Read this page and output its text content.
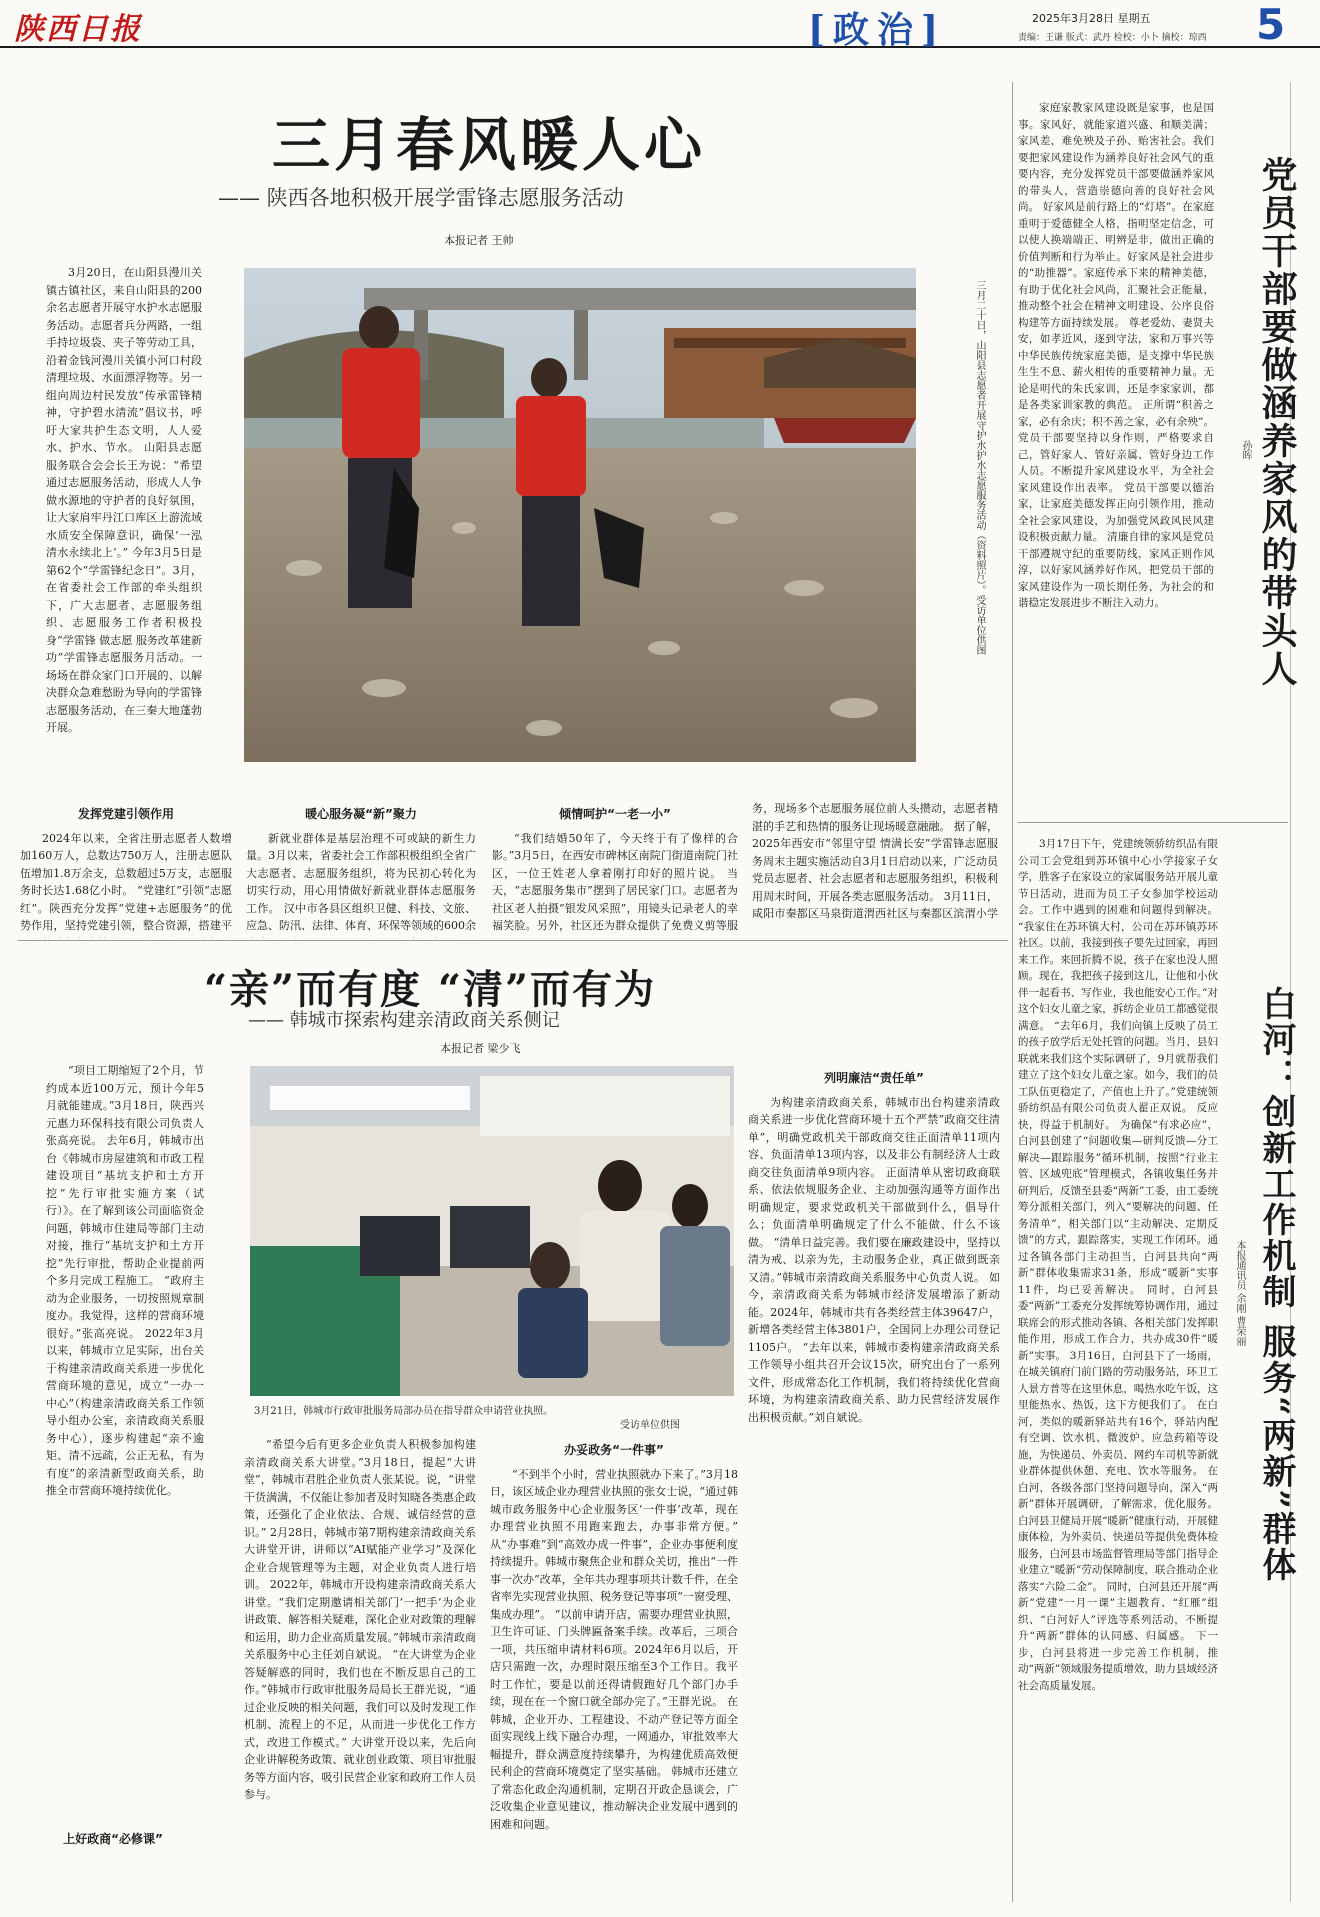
陕西日报	[政治]	2025年3月28日 星期五
责编：王谦 版式：武丹 检校：小卜 摘校：琼西 5
三月春风暖人心
—— 陕西各地积极开展学雷锋志愿服务活动
本报记者 王帅

3月20日，在山阳县漫川关镇古镇社区，来自山阳县的200余名志愿者开展守水护水志愿服务活动。志愿者兵分两路，一组手持垃圾袋、夹子等劳动工具，沿着金钱河漫川关镇小河口村段清理垃圾、水面漂浮物等。另一组向周边村民发放“传承雷锋精神，守护碧水清流”倡议书，呼吁大家共护生态文明，人人爱水、护水、节水。 山阳县志愿服务联合会会长王为说：“希望通过志愿服务活动，形成人人争做水源地的守护者的良好氛围，让大家肩牢丹江口库区上游流域水质安全保障意识，确保‘一泓清水永续北上’。” 今年3月5日是第62个“学雷锋纪念日”。3月，在省委社会工作部的牵头组织下，广大志愿者、志愿服务组织、志愿服务工作者积极投身“学雷锋 做志愿 服务改革建新功”学雷锋志愿服务月活动。一场场在群众家门口开展的、以解决群众急难愁盼为导向的学雷锋志愿服务活动，在三秦大地蓬勃开展。

三月二十日，山阳县志愿者开展守护水护水志愿服务活动（资料照片）。受访单位供图

发挥党建引领作用

2024年以来，全省注册志愿者人数增加160万人，总数达750万人，注册志愿队伍增加1.8万余支，总数超过5万支，志愿服务时长达1.68亿小时。 “党建红”引领“志愿红”。陕西充分发挥“党建+志愿服务”的优势作用，坚持党建引领，整合资源，搭建平

暖心服务凝“新”聚力

新就业群体是基层治理不可或缺的新生力量。3月以来，省委社会工作部积极组织全省广大志愿者、志愿服务组织，将为民初心转化为切实行动，用心用情做好新就业群体志愿服务工作。 汉中市各县区组织卫健、科技、文旅、应急、防汛、法律、体育、环保等领域的600余

倾情呵护“一老一小”

“我们结婚50年了，今天终于有了像样的合影。”3月5日，在西安市碑林区南院门街道南院门社区，一位王姓老人拿着刚打印好的照片说。 当天，“志愿服务集市”摆到了居民家门口。志愿者为社区老人拍摄“银发风采照”，用镜头记录老人的幸福笑脸。另外，社区还为群众提供了免费义剪等服务，现场多个志愿服务展位前人头攒动，志愿者精湛的手艺和热情的服务让现场暖意融融。 据了解，2025年西安市“邻里守望 情满长安”学雷锋志愿服务周末主题实施活动自3月1日启动以来，广泛动员党员志愿者、社会志愿者和志愿服务组织，积极利用周末时间，开展各类志愿服务活动。 3月11日，咸阳市秦都区马泉街道渭西社区与秦都区滨渭小学

家庭家教家风建设既是家事，也是国事。家风好，就能家道兴盛、和顺美满；家风差，难免殃及子孙、贻害社会。我们要把家风建设作为涵养良好社会风气的重要内容，充分发挥党员干部要做涵养家风的带头人，营造崇德向善的良好社会风尚。 好家风是前行路上的“灯塔”。在家庭重明于爱德健全人格，指明坚定信念，可以使人换端端正、明辨是非，做出正确的价值判断和行为举止。好家风是社会进步的“助推器”。家庭传承下来的精神美德，有助于优化社会风尚，汇聚社会正能量，推动整个社会在精神文明建设、公序良俗构建等方面持续发展。 尊老爱幼、妻贤夫安，如孝近风，逐到守法，家和万事兴等中华民族传统家庭美德，是支撑中华民族生生不息、薪火相传的重要精神力量。无论是明代的朱氏家训，还是李家家训，都是各类家训家教的典范。 正所谓“积善之家，必有余庆；积不善之家，必有余殃”。党员干部要坚持以身作则，严格要求自己，管好家人、管好亲属、管好身边工作人员。不断提升家风建设水平，为全社会家风建设作出表率。 党员干部要以德治家，让家庭美德发挥正向引领作用，推动全社会家风建设，为加强党风政风民风建设积极贡献力量。 清廉自律的家风是党员干部遵规守纪的重要防线，家风正则作风淳，以好家风涵养好作风，把党员干部的家风建设作为一项长期任务，为社会的和谐稳定发展进步不断注入动力。	党员干部要做涵养家风的带头人
孙晖

3月17日下午，党建统领骄纺织品有限公司工会党组到苏环镇中心小学接家子女学，胜客子在家设立的家属服务站开展儿童节日活动，进而为员工子女参加学校运动会。工作中遇到的困难和问题得到解决。 “我家住在苏环镇大村，公司在苏环镇苏环社区。以前，我接到孩子要先过回家，再回来工作。来回折腾不说，孩子在家也没人照顾。现在，我把孩子接到这儿，让他和小伙伴一起看书、写作业，我也能安心工作。”对这个妇女儿童之家，拆纺企业员工都感觉很满意。 “去年6月，我们向镇上反映了员工的孩子放学后无处托管的问题。当月，县妇联就来我们这个实际调研了，9月就帮我们建立了这个妇女儿童之家。如今，我们的员工队伍更稳定了，产值也上升了。”党建统领骄纺织品有限公司负责人翟正双说。 反应快，得益于机制好。 为确保“有求必应”，白河县创建了“问题收集—研判反馈—分工解决—跟踪服务”循环机制，按照“行业主管、区域兜底”管理模式，各镇收集任务并研判后，反馈至县委“两新”工委，由工委统筹分派相关部门，列入“要解决的问题、任务清单”，相关部门以“主动解决、定期反馈”的方式，跟踪落实，实现工作闭环。通过各镇各部门主动担当，白河县共向“两新”群体收集需求31条，形成“暖新”实事11件，均已妥善解决。 同时，白河县委“两新”工委充分发挥统筹协调作用，通过联席会的形式推动各镇、各相关部门发挥职能作用，形成工作合力，共办成30件“暖新”实事。 3月16日，白河县下了一场雨，在城关镇府门前门路的劳动服务站，环卫工人景方普等在这里休息，喝热水吃午饭，这里能热水、热饭，这下方便我们了。 在白河，类似的暖新驿站共有16个，驿站内配有空调、饮水机、微波炉、应急药箱等设施，为快递员、外卖员、网约车司机等新就业群体提供休憩、充电、饮水等服务。 在白河，各级各部门坚持问题导向，深入“两新”群体开展调研，了解需求，优化服务。 白河县卫健局开展“暖新”健康行动，开展健康体检，为外卖员、快递员等提供免费体检服务，白河县市场监督管理局等部门指导企业建立“暖新”劳动保障制度，联合推动企业落实“六险二金”。 同时，白河县还开展“两新”党建“一月一课”主题教育、“红雁”组织、“白河好人”评选等系列活动，不断提升“两新”群体的认同感、归属感。 下一步，白河县将进一步完善工作机制，推动“两新”领域服务提质增效，助力县域经济社会高质量发展。

白河：创新工作机制 服务“两新”群体
本报通讯员 余刚 曹荣丽
“亲”而有度 “清”而有为
—— 韩城市探索构建亲清政商关系侧记
本报记者 梁少飞

“项目工期缩短了2个月，节约成本近100万元，预计今年5月就能建成。”3月18日，陕西兴元惠力环保科技有限公司负责人张高亮说。 去年6月，韩城市出台《韩城市房屋建筑和市政工程建设项目“基坑支护和土方开挖”先行审批实施方案（试行）》。在了解到该公司面临资金问题，韩城市住建局等部门主动对接，推行“基坑支护和土方开挖”先行审批，帮助企业提前两个多月完成工程施工。 “政府主动为企业服务，一切按照规章制度办。我觉得，这样的营商环境很好。”张高亮说。 2022年3月以来，韩城市立足实际，出台关于构建亲清政商关系进一步优化营商环境的意见，成立“一办一中心”（构建亲清政商关系工作领导小组办公室，亲清政商关系服务中心），逐步构建起“亲不逾矩、清不远疏，公正无私，有为有度”的亲清新型政商关系，助推全市营商环境持续优化。

上好政商“必修课”

3月21日，韩城市行政审批服务局部办员在指导群众申请营业执照。
受访单位供图

“希望今后有更多企业负责人积极参加构建亲清政商关系大讲堂。”3月18日，提起“大讲堂”，韩城市君胜企业负责人张某说。说，“讲堂干货满满，不仅能让参加者及时知晓各类惠企政策，还强化了企业依法、合规、诚信经营的意识。” 2月28日，韩城市第7期构建亲清政商关系大讲堂开讲，讲师以“AI赋能产业学习”及深化企业合规管理等为主题，对企业负责人进行培训。 2022年，韩城市开设构建亲清政商关系大讲堂。“我们定期邀请相关部门‘一把手’为企业讲政策、解答相关疑难，深化企业对政策的理解和运用，助力企业高质量发展。”韩城市亲清政商关系服务中心主任刘自斌说。 “在大讲堂为企业答疑解惑的同时，我们也在不断反思自己的工作。”韩城市行政审批服务局局长王群光说，“通过企业反映的相关问题，我们可以及时发现工作机制、流程上的不足，从而进一步优化工作方式，改进工作模式。” 大讲堂开设以来，先后向企业讲解税务政策、就业创业政策、项目审批服务等方面内容，吸引民营企业家和政府工作人员参与。

办妥政务“一件事”

“不到半个小时，营业执照就办下来了。”3月18日，该区域企业办理营业执照的张女士说，“通过韩城市政务服务中心企业服务区‘一件事’改革，现在办理营业执照不用跑来跑去，办事非常方便。” 从“办事难”到“高效办成一件事”，企业办事便利度持续提升。韩城市聚焦企业和群众关切，推出“一件事一次办”改革，全年共办理事项共计数千件，在全省率先实现营业执照、税务登记等事项“一窗受理、集成办理”。 “以前申请开店，需要办理营业执照，卫生许可证、门头牌匾备案手续。改革后，三项合一项，共压缩申请材料6项。2024年6月以后，开店只需跑一次，办理时限压缩至3个工作日。我平时工作忙，要是以前还得请假跑好几个部门办手续，现在在一个窗口就全部办完了。”王群光说。 在韩城，企业开办、工程建设、不动产登记等方面全面实现线上线下融合办理，一网通办，审批效率大幅提升，群众满意度持续攀升，为构建优质高效便民利企的营商环境奠定了坚实基础。 韩城市还建立了常态化政企沟通机制，定期召开政企恳谈会，广泛收集企业意见建议，推动解决企业发展中遇到的困难和问题。

列明廉洁“责任单”

为构建亲清政商关系，韩城市出台构建亲清政商关系进一步优化营商环境十五个严禁“政商交往清单”，明确党政机关干部政商交往正面清单11项内容、负面清单13项内容，以及非公有制经济人士政商交往负面清单9项内容。 正面清单从密切政商联系、依法依规服务企业、主动加强沟通等方面作出明确规定，要求党政机关干部做到什么，倡导什么；负面清单明确规定了什么不能做、什么不该做。 “清单日益完善。我们要在廉政建设中，坚持以清为戒、以亲为先，主动服务企业，真正做到既亲又清。”韩城市亲清政商关系服务中心负责人说。 如今，亲清政商关系为韩城市经济发展增添了新动能。2024年，韩城市共有各类经营主体39647户，新增各类经营主体3801户，全国同上办理公司登记1105户。 “去年以来，韩城市委构建亲清政商关系工作领导小组共召开会议15次，研究出台了一系列文件，形成常态化工作机制，我们将持续优化营商环境，为构建亲清政商关系、助力民营经济发展作出积极贡献。”刘自斌说。
